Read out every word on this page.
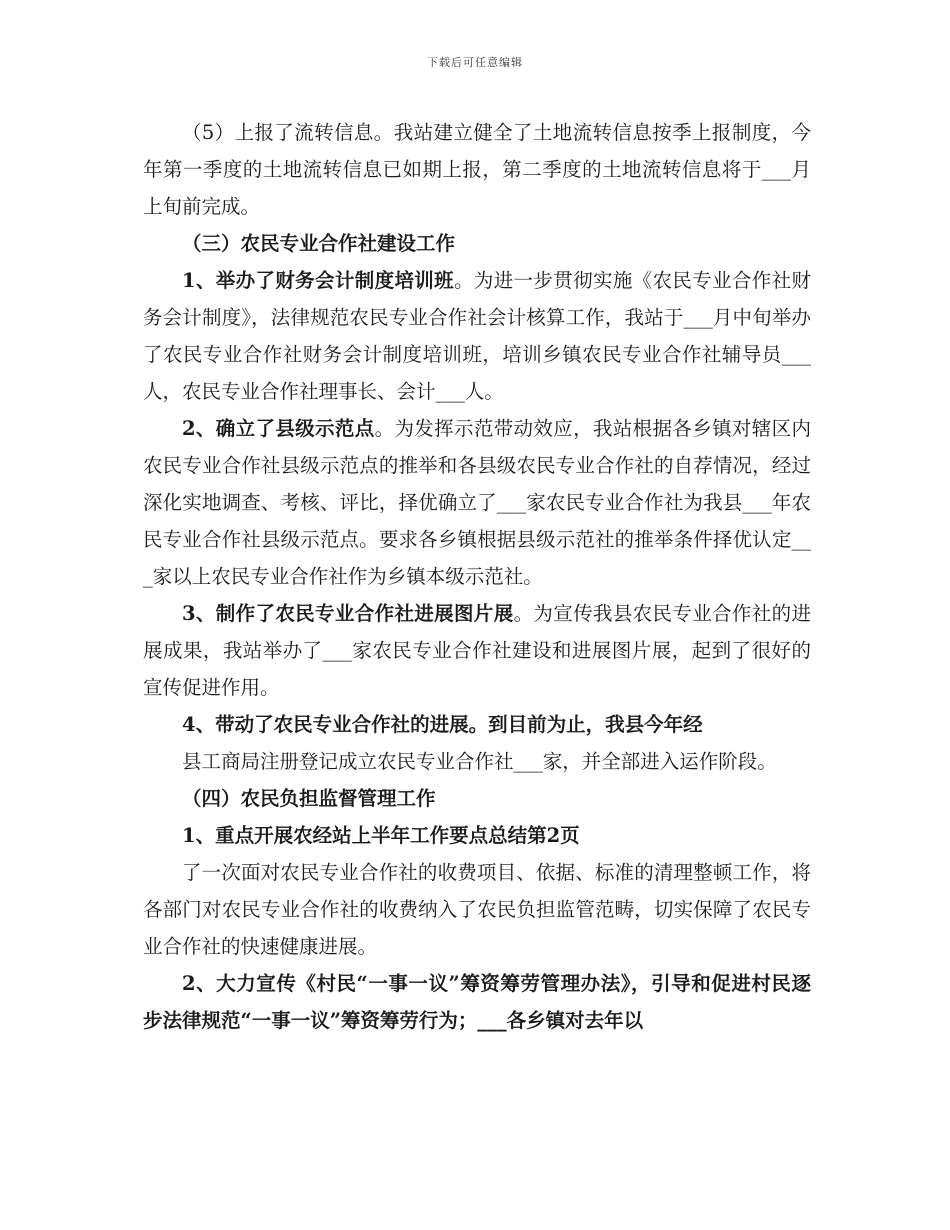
下载后可任意编辑

（5）上报了流转信息。我站建立健全了土地流转信息按季上报制度，今年第一季度的土地流转信息已如期上报，第二季度的土地流转信息将于___月上旬前完成。

（三）农民专业合作社建设工作

1、举办了财务会计制度培训班。为进一步贯彻实施《农民专业合作社财务会计制度》，法律规范农民专业合作社会计核算工作，我站于___月中旬举办了农民专业合作社财务会计制度培训班，培训乡镇农民专业合作社辅导员___人，农民专业合作社理事长、会计___人。

2、确立了县级示范点。为发挥示范带动效应，我站根据各乡镇对辖区内农民专业合作社县级示范点的推举和各县级农民专业合作社的自荐情况，经过深化实地调查、考核、评比，择优确立了___家农民专业合作社为我县___年农民专业合作社县级示范点。要求各乡镇根据县级示范社的推举条件择优认定___家以上农民专业合作社作为乡镇本级示范社。

3、制作了农民专业合作社进展图片展。为宣传我县农民专业合作社的进展成果，我站举办了___家农民专业合作社建设和进展图片展，起到了很好的宣传促进作用。

4、带动了农民专业合作社的进展。到目前为止，我县今年经

县工商局注册登记成立农民专业合作社___家，并全部进入运作阶段。

（四）农民负担监督管理工作

1、重点开展农经站上半年工作要点总结第2页

了一次面对农民专业合作社的收费项目、依据、标准的清理整顿工作，将各部门对农民专业合作社的收费纳入了农民负担监管范畴，切实保障了农民专业合作社的快速健康进展。

2、大力宣传《村民“一事一议”筹资筹劳管理办法》，引导和促进村民逐步法律规范“一事一议”筹资筹劳行为；___各乡镇对去年以
